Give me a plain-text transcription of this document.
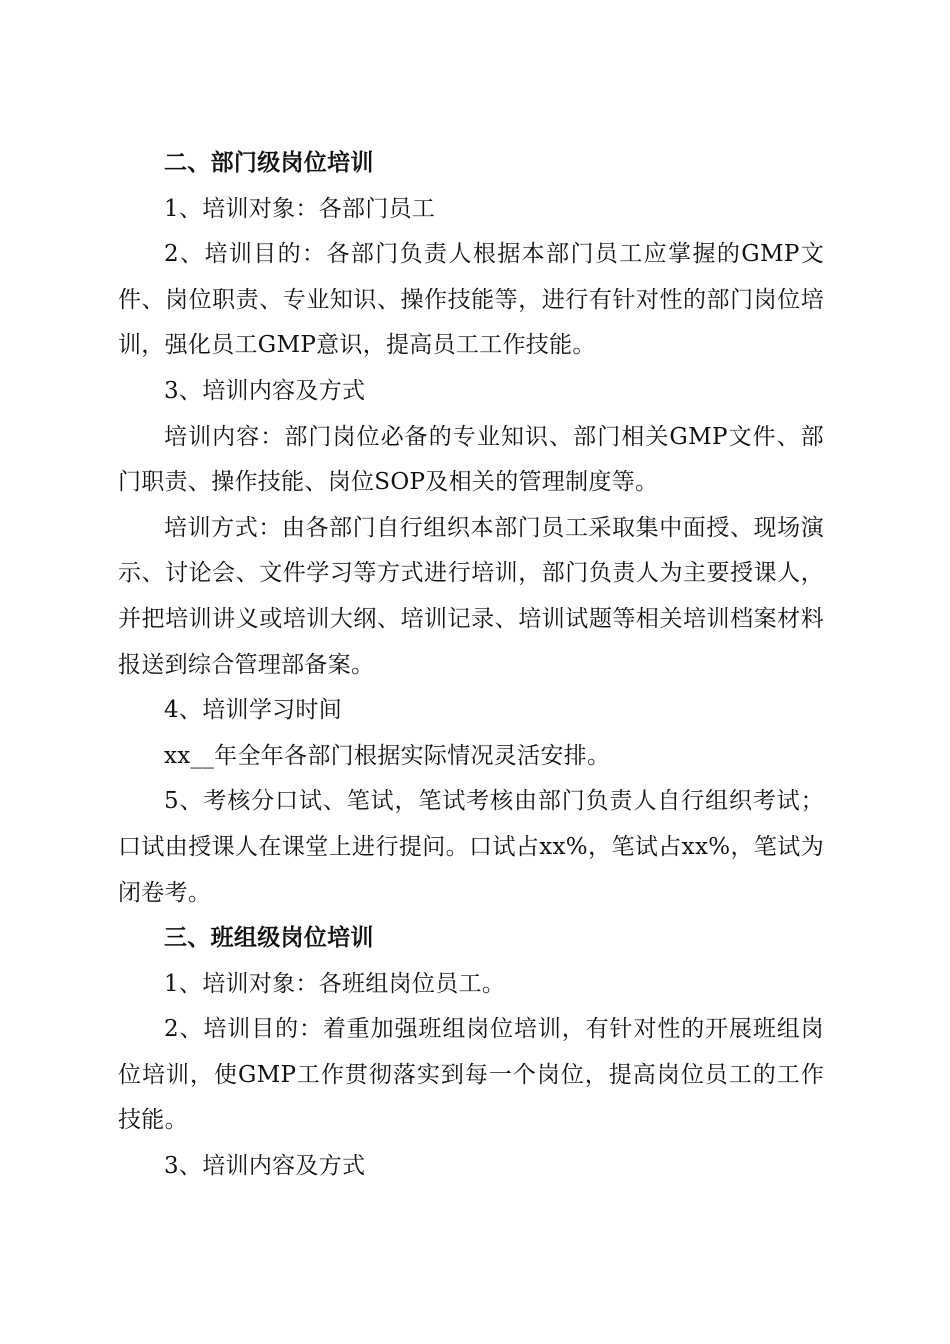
二、部门级岗位培训

1、培训对象：各部门员工

2、培训目的：各部门负责人根据本部门员工应掌握的GMP文件、岗位职责、专业知识、操作技能等，进行有针对性的部门岗位培训，强化员工GMP意识，提高员工工作技能。

3、培训内容及方式

培训内容：部门岗位必备的专业知识、部门相关GMP文件、部门职责、操作技能、岗位SOP及相关的管理制度等。

培训方式：由各部门自行组织本部门员工采取集中面授、现场演示、讨论会、文件学习等方式进行培训，部门负责人为主要授课人，并把培训讲义或培训大纲、培训记录、培训试题等相关培训档案材料报送到综合管理部备案。

4、培训学习时间

xx__年全年各部门根据实际情况灵活安排。

5、考核分口试、笔试，笔试考核由部门负责人自行组织考试；口试由授课人在课堂上进行提问。口试占xx%，笔试占xx%，笔试为闭卷考。

三、班组级岗位培训

1、培训对象：各班组岗位员工。

2、培训目的：着重加强班组岗位培训，有针对性的开展班组岗位培训，使GMP工作贯彻落实到每一个岗位，提高岗位员工的工作技能。

3、培训内容及方式
